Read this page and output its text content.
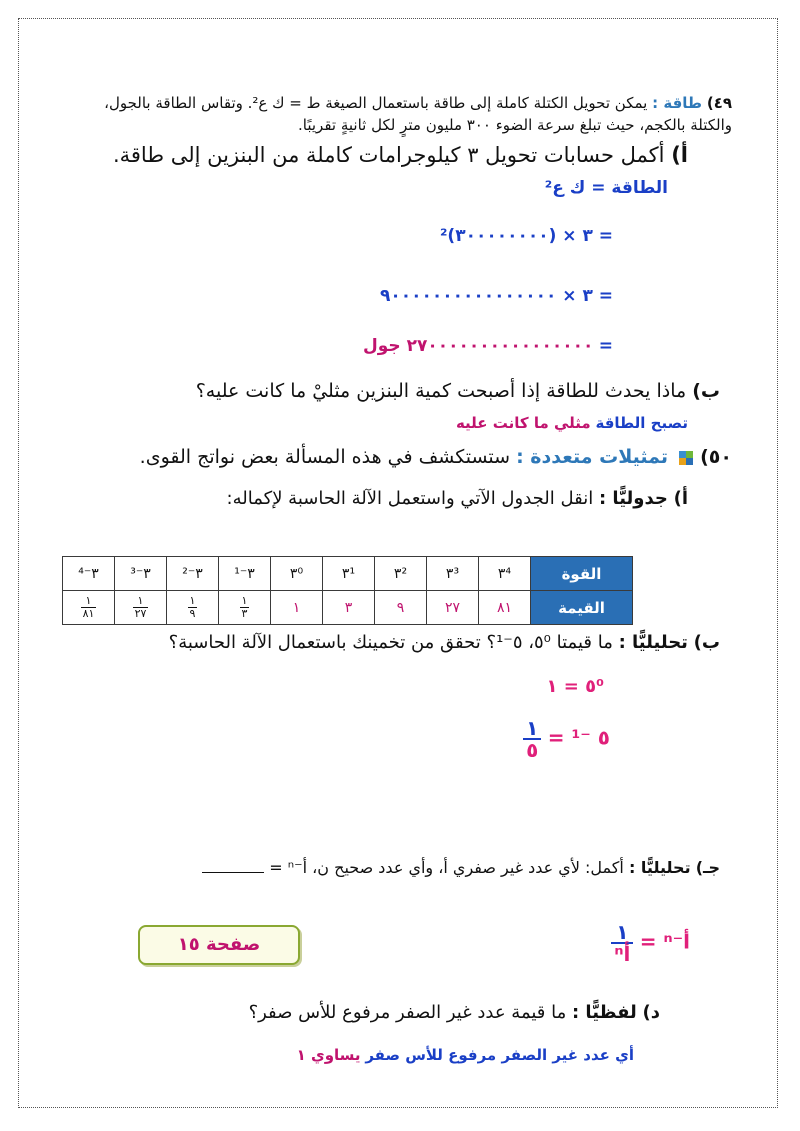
٤٩) طاقة : يمكن تحويل الكتلة كاملة إلى طاقة باستعمال الصيغة ط = ك ع². وتقاس الطاقة بالجول،
والكتلة بالكجم، حيث تبلغ سرعة الضوء ٣٠٠ مليون مترٍ لكل ثانيةٍ تقريبًا.
أ) أكمل حسابات تحويل ٣ كيلوجرامات كاملة من البنزين إلى طاقة.
الطاقة = ك ع²
= ٣ × (٣٠٠٠٠٠٠٠٠)²
= ٣ × ٩٠٠٠٠٠٠٠٠٠٠٠٠٠٠٠٠
= ٢٧٠٠٠٠٠٠٠٠٠٠٠٠٠٠٠٠ جول
ب) ماذا يحدث للطاقة إذا أصبحت كمية البنزين مثليْ ما كانت عليه؟
تصبح الطاقة مثلي ما كانت عليه
٥٠)  تمثيلات متعددة : ستستكشف في هذه المسألة بعض نواتج القوى.
أ) جدوليًّا : انقل الجدول الآتي واستعمل الآلة الحاسبة لإكماله:
القوة	٣⁴	٣³	٣²	٣¹	٣⁰	٣⁻¹	٣⁻²	٣⁻³	٣⁻⁴
القيمة	٨١	٢٧	٩	٣	١	$\frac{١}{٣}$	$\frac{١}{٩}$	$\frac{١}{٢٧}$	$\frac{١}{٨١}$
ب) تحليليًّا : ما قيمتا ٥⁰، ٥⁻¹؟ تحقق من تخمينك باستعمال الآلة الحاسبة؟
٥⁰ = ١
٥ ⁻¹ =
$\frac{١}{٥}$
جـ) تحليليًّا : أكمل: لأي عدد غير صفري أ، وأي عدد صحيح ن، أ⁻ⁿ =
صفحة ١٥	أ⁻ⁿ =
$\frac{١}{\text{أⁿ}}$
د) لفظيًّا : ما قيمة عدد غير الصفر مرفوع للأس صفر؟
أي عدد غير الصفر مرفوع للأس صفر يساوي ١
